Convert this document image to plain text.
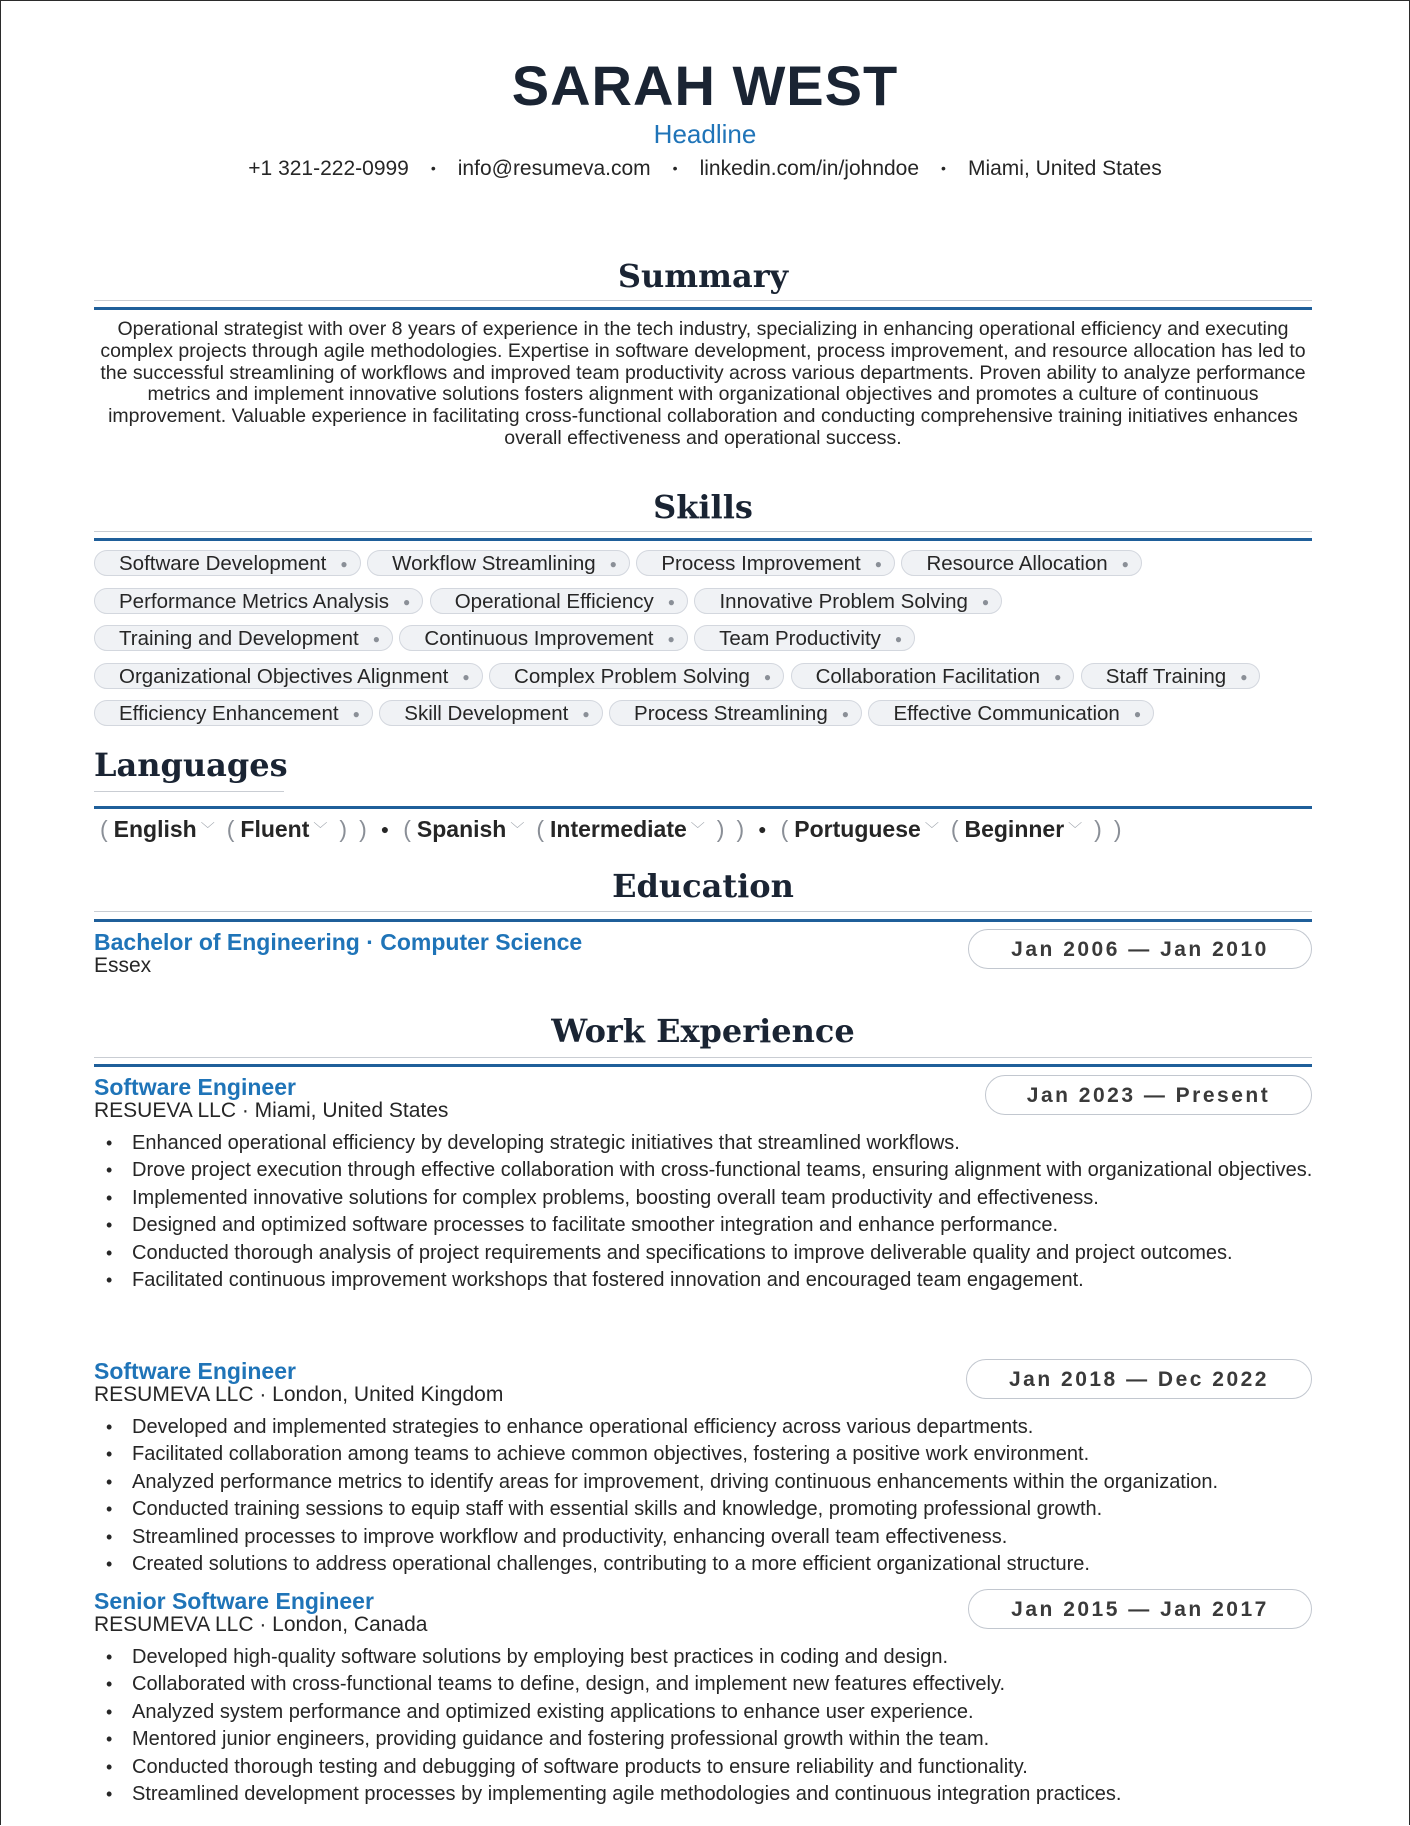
SARAH WEST
Headline
+1 321-222-0999 • info@resumeva.com • linkedin.com/in/johndoe • Miami, United States
Summary
Operational strategist with over 8 years of experience in the tech industry, specializing in enhancing operational efficiency and executing complex projects through agile methodologies. Expertise in software development, process improvement, and resource allocation has led to the successful streamlining of workflows and improved team productivity across various departments. Proven ability to analyze performance metrics and implement innovative solutions fosters alignment with organizational objectives and promotes a culture of continuous improvement. Valuable experience in facilitating cross-functional collaboration and conducting comprehensive training initiatives enhances overall effectiveness and operational success.
Skills
Software Development ● Workflow Streamlining ● Process Improvement ● Resource Allocation ●
Performance Metrics Analysis ● Operational Efficiency ● Innovative Problem Solving ●
Training and Development ● Continuous Improvement ● Team Productivity ●
Organizational Objectives Alignment ● Complex Problem Solving ● Collaboration Facilitation ● Staff Training ●
Efficiency Enhancement ● Skill Development ● Process Streamlining ● Effective Communication ●
Languages
( English ﹀ ( Fluent ﹀ ) ) ● ( Spanish ﹀ ( Intermediate ﹀ ) ) ● ( Portuguese ﹀ ( Beginner ﹀ ) )
Education
Bachelor of Engineering · Computer Science
Essex
Jan 2006 — Jan 2010
Work Experience
Software Engineer
RESUEVA LLC · Miami, United States
Jan 2023 — Present
• Enhanced operational efficiency by developing strategic initiatives that streamlined workflows.
• Drove project execution through effective collaboration with cross-functional teams, ensuring alignment with organizational objectives.
• Implemented innovative solutions for complex problems, boosting overall team productivity and effectiveness.
• Designed and optimized software processes to facilitate smoother integration and enhance performance.
• Conducted thorough analysis of project requirements and specifications to improve deliverable quality and project outcomes.
• Facilitated continuous improvement workshops that fostered innovation and encouraged team engagement.
Software Engineer
RESUMEVA LLC · London, United Kingdom
Jan 2018 — Dec 2022
• Developed and implemented strategies to enhance operational efficiency across various departments.
• Facilitated collaboration among teams to achieve common objectives, fostering a positive work environment.
• Analyzed performance metrics to identify areas for improvement, driving continuous enhancements within the organization.
• Conducted training sessions to equip staff with essential skills and knowledge, promoting professional growth.
• Streamlined processes to improve workflow and productivity, enhancing overall team effectiveness.
• Created solutions to address operational challenges, contributing to a more efficient organizational structure.
Senior Software Engineer
RESUMEVA LLC · London, Canada
Jan 2015 — Jan 2017
• Developed high-quality software solutions by employing best practices in coding and design.
• Collaborated with cross-functional teams to define, design, and implement new features effectively.
• Analyzed system performance and optimized existing applications to enhance user experience.
• Mentored junior engineers, providing guidance and fostering professional growth within the team.
• Conducted thorough testing and debugging of software products to ensure reliability and functionality.
• Streamlined development processes by implementing agile methodologies and continuous integration practices.
